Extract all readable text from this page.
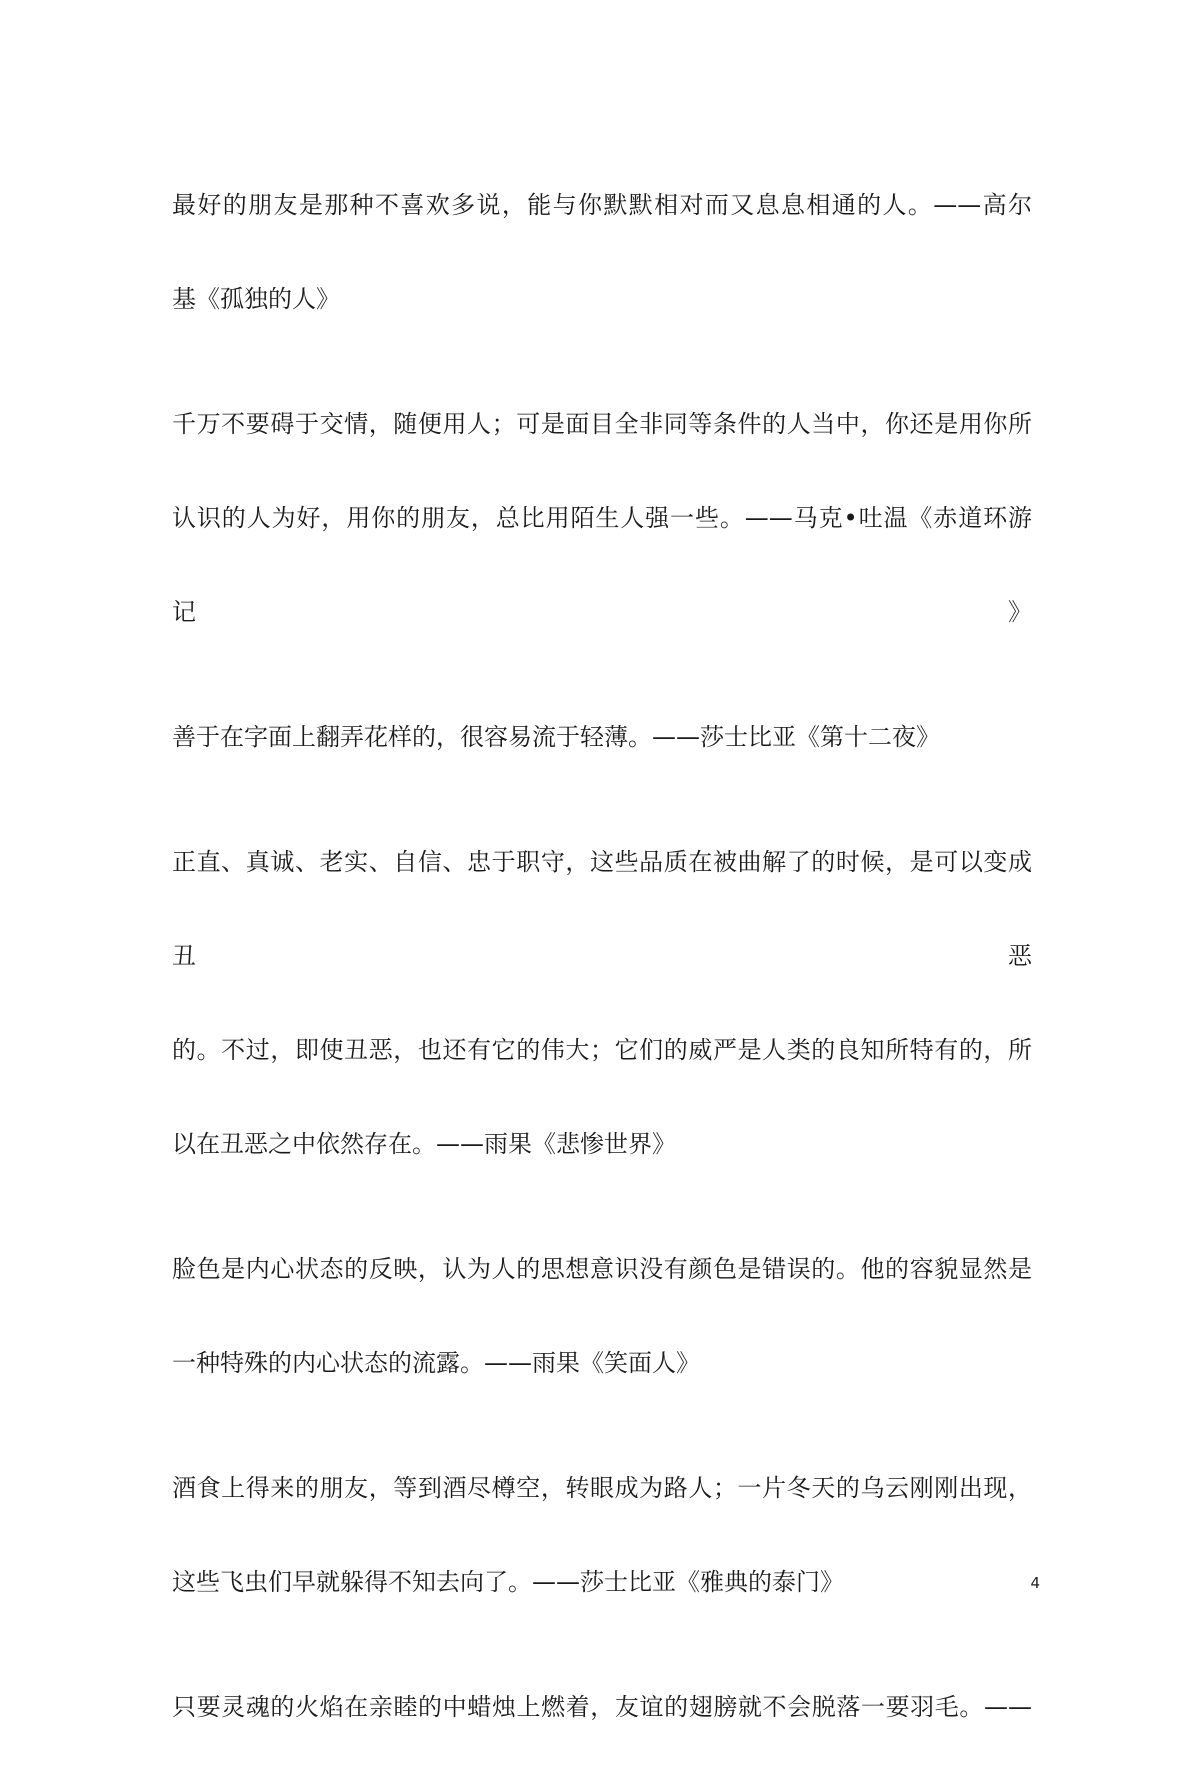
最好的朋友是那种不喜欢多说，能与你默默相对而又息息相通的人。——高尔
基《孤独的人》
千万不要碍于交情，随便用人；可是面目全非同等条件的人当中，你还是用你所
认识的人为好，用你的朋友，总比用陌生人强一些。——马克•吐温《赤道环游记》
善于在字面上翻弄花样的，很容易流于轻薄。——莎士比亚《第十二夜》
正直、真诚、老实、自信、忠于职守，这些品质在被曲解了的时候，是可以变成丑恶
的。不过，即使丑恶，也还有它的伟大；它们的威严是人类的良知所特有的，所
以在丑恶之中依然存在。——雨果《悲惨世界》
脸色是内心状态的反映，认为人的思想意识没有颜色是错误的。他的容貌显然是
一种特殊的内心状态的流露。——雨果《笑面人》
酒食上得来的朋友，等到酒尽樽空，转眼成为路人；一片冬天的乌云刚刚出现，
这些飞虫们早就躲得不知去向了。——莎士比亚《雅典的泰门》
只要灵魂的火焰在亲睦的中蜡烛上燃着，友谊的翅膀就不会脱落一要羽毛。——
4
